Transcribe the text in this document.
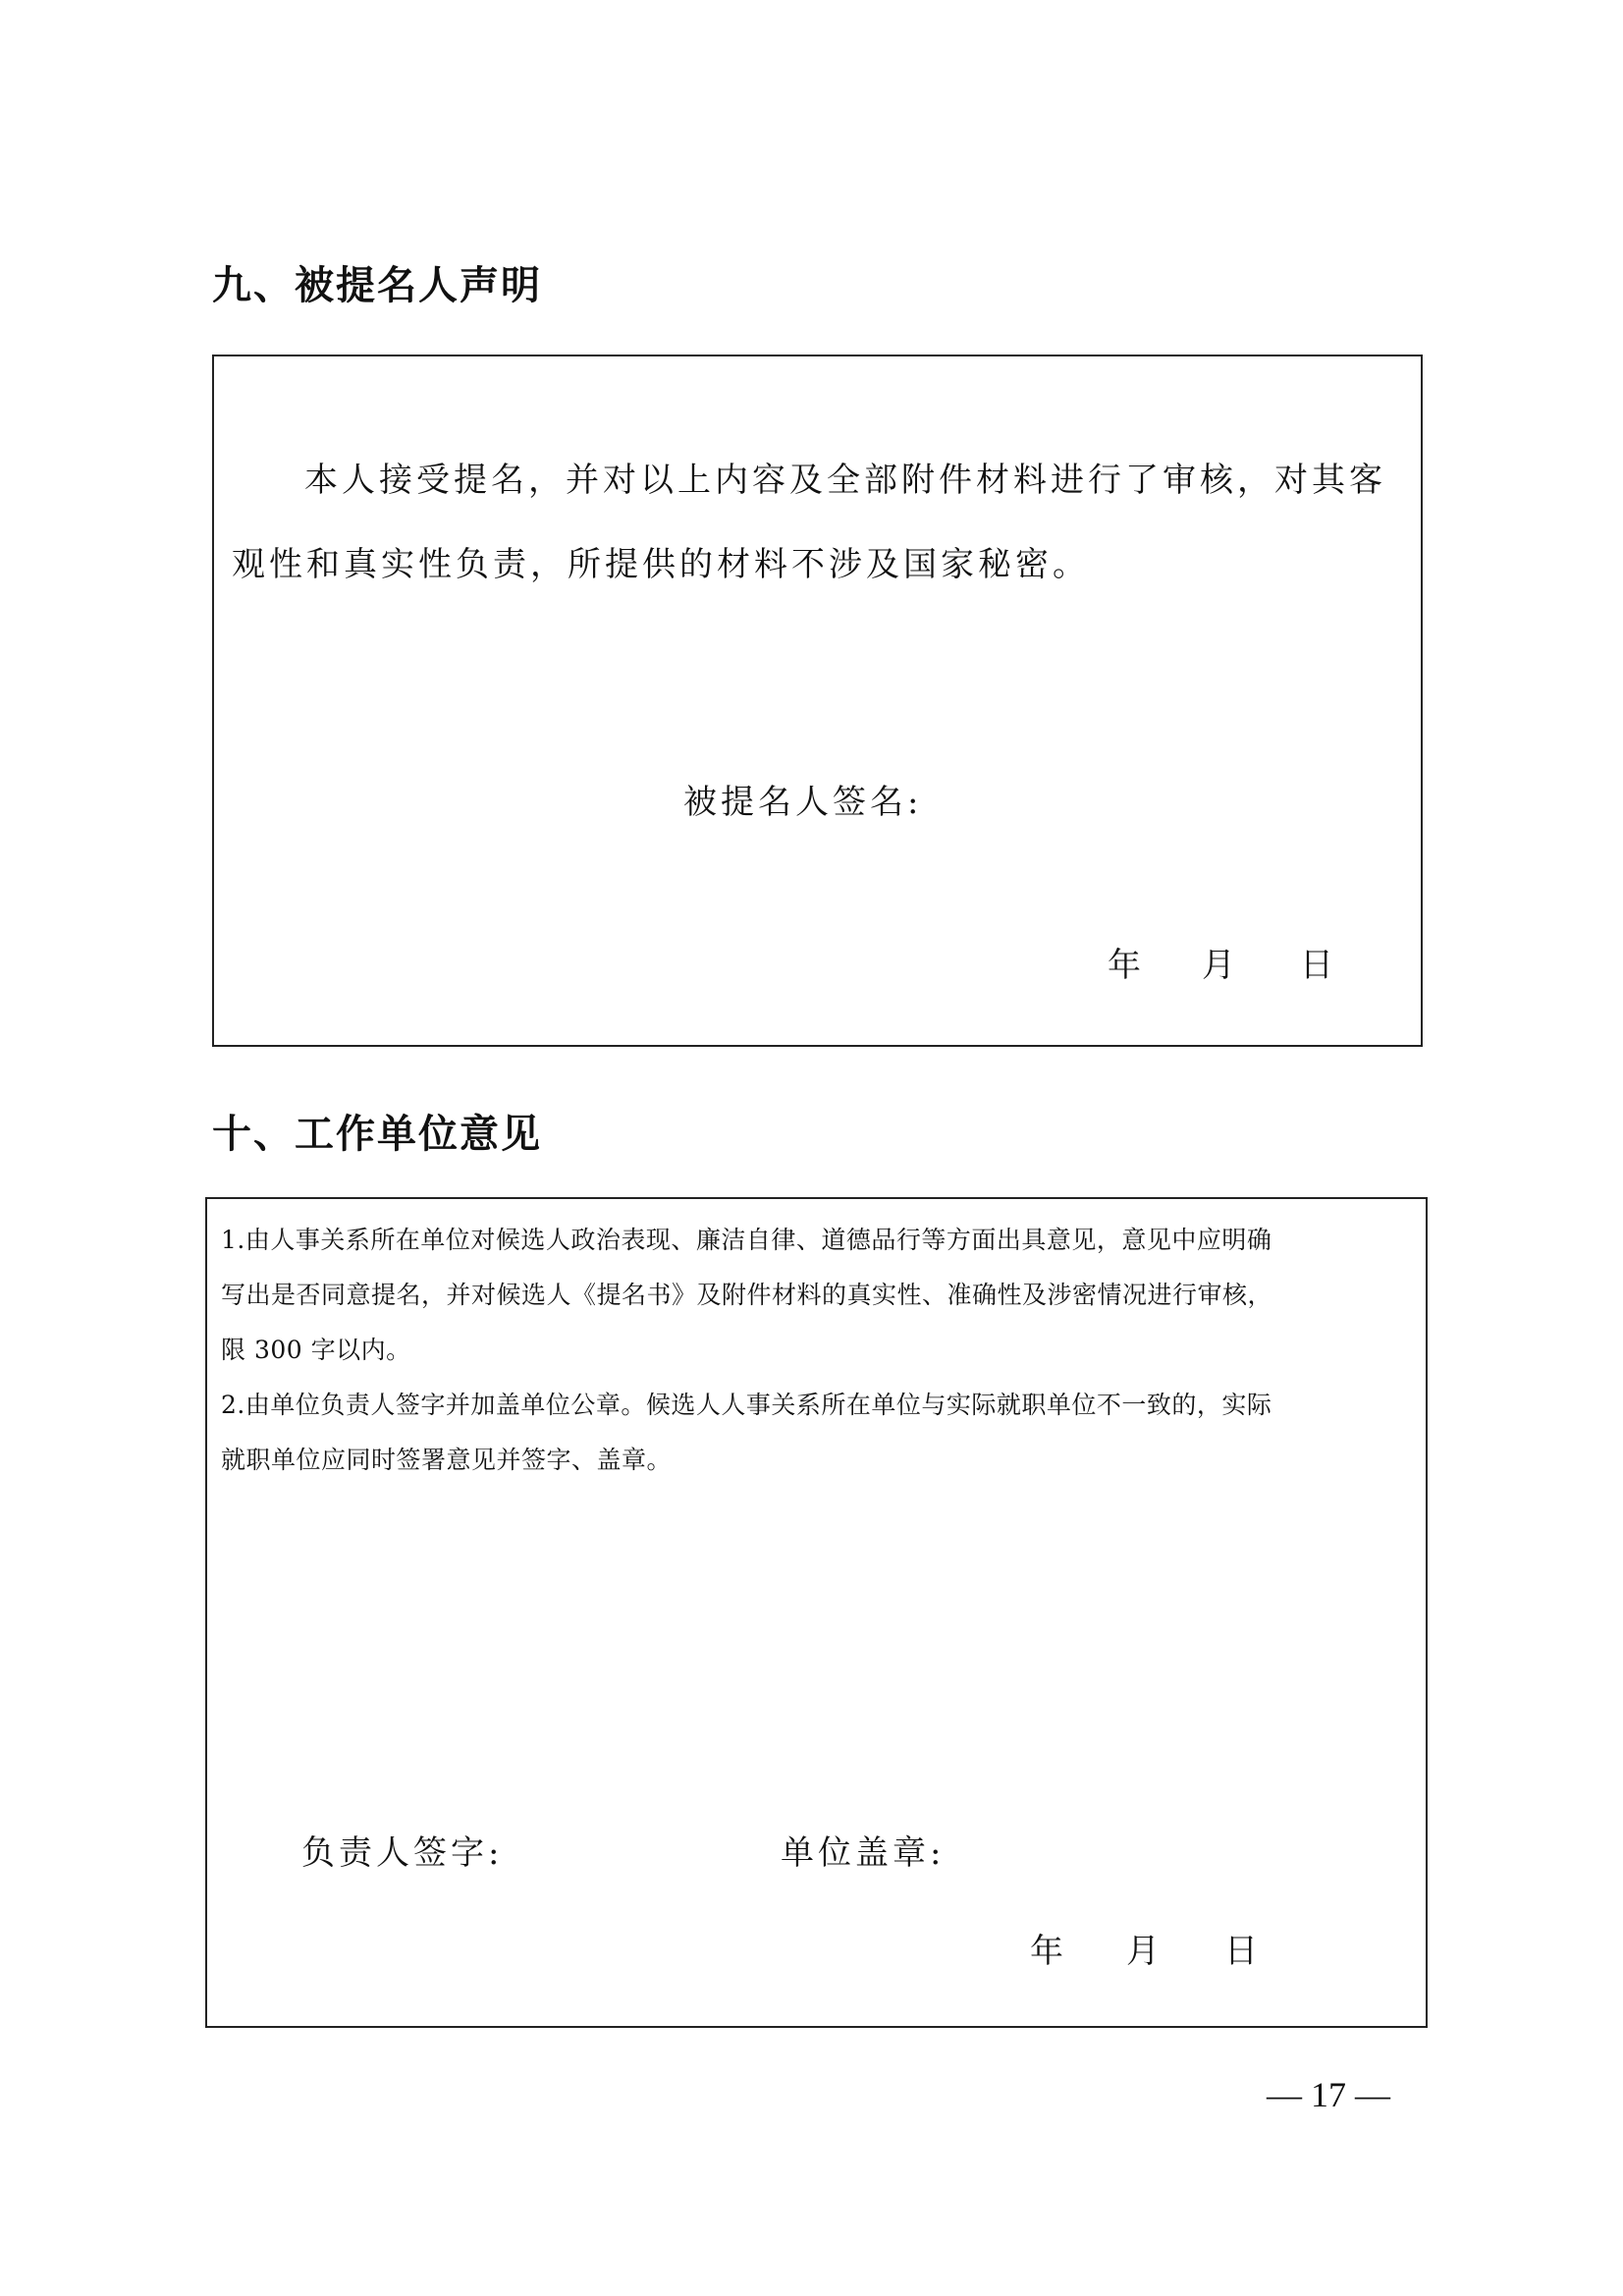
九、被提名人声明
本人接受提名，并对以上内容及全部附件材料进行了审核，对其客
观性和真实性负责，所提供的材料不涉及国家秘密。
被提名人签名:
年 月 日
十、工作单位意见
1.由人事关系所在单位对候选人政治表现、廉洁自律、道德品行等方面出具意见，意见中应明确
写出是否同意提名，并对候选人《提名书》及附件材料的真实性、准确性及涉密情况进行审核，
限 300 字以内。
2.由单位负责人签字并加盖单位公章。候选人人事关系所在单位与实际就职单位不一致的，实际
就职单位应同时签署意见并签字、盖章。
负责人签字:	单位盖章:
年 月 日
— 17 —
